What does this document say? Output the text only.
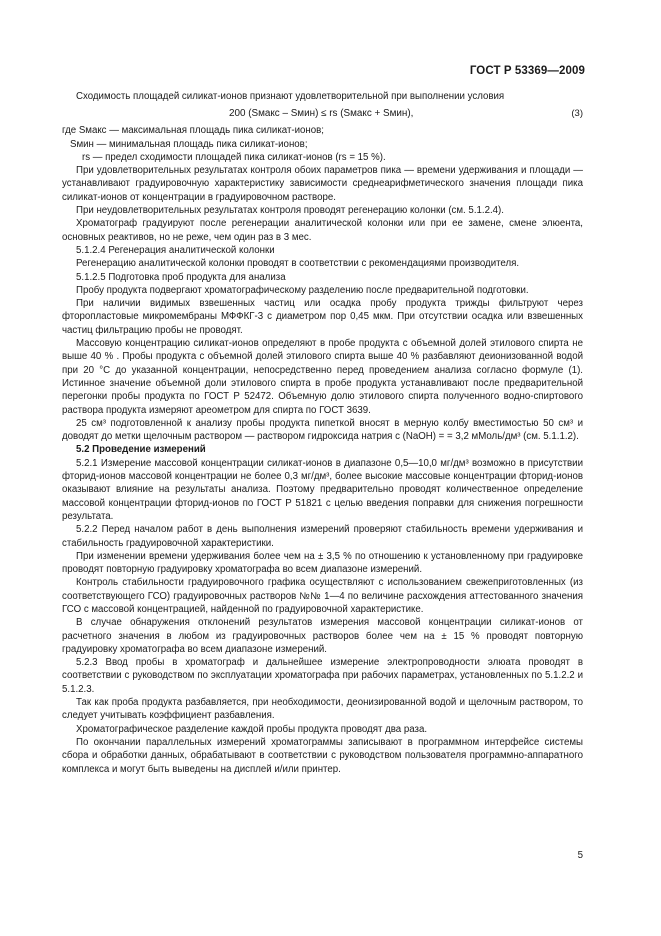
ГОСТ Р 53369—2009

Сходимость площадей силикат-ионов признают удовлетворительной при выполнении условия

200 (Sмакс – Sмин) ≤ rs (Sмакс + Sмин),	(3)

где Sмакс — максимальная площадь пика силикат-ионов;

Sмин — минимальная площадь пика силикат-ионов;

rs — предел сходимости площадей пика силикат-ионов (rs = 15 %).

При удовлетворительных результатах контроля обоих параметров пика — времени удерживания и площади — устанавливают градуировочную характеристику зависимости среднеарифметического значения площади пика силикат-ионов от концентрации в градуировочном растворе.

При неудовлетворительных результатах контроля проводят регенерацию колонки (см. 5.1.2.4).

Хроматограф градуируют после регенерации аналитической колонки или при ее замене, смене элюента, основных реактивов, но не реже, чем один раз в 3 мес.

5.1.2.4 Регенерация аналитической колонки

Регенерацию аналитической колонки проводят в соответствии с рекомендациями производителя.

5.1.2.5 Подготовка проб продукта для анализа

Пробу продукта подвергают хроматографическому разделению после предварительной подготовки.

При наличии видимых взвешенных частиц или осадка пробу продукта трижды фильтруют через фторопластовые микромембраны МФФКГ-3 с диаметром пор 0,45 мкм. При отсутствии осадка или взвешенных частиц фильтрацию пробы не проводят.

Массовую концентрацию силикат-ионов определяют в пробе продукта с объемной долей этилового спирта не выше 40 % . Пробы продукта с объемной долей этилового спирта выше 40 % разбавляют деионизованной водой при 20 °С до указанной концентрации, непосредственно перед проведением анализа согласно формуле (1). Истинное значение объемной доли этилового спирта в пробе продукта устанавливают после предварительной перегонки пробы продукта по ГОСТ Р 52472. Объемную долю этилового спирта полученного водно-спиртового раствора продукта измеряют ареометром для спирта по ГОСТ 3639.

25 см³ подготовленной к анализу пробы продукта пипеткой вносят в мерную колбу вместимостью 50 см³ и доводят до метки щелочным раствором — раствором гидроксида натрия c (NaOH) = = 3,2 мМоль/дм³ (см. 5.1.1.2).

5.2 Проведение измерений

5.2.1 Измерение массовой концентрации силикат-ионов в диапазоне 0,5—10,0 мг/дм³ возможно в присутствии фторид-ионов массовой концентрации не более 0,3 мг/дм³, более высокие массовые концентрации фторид-ионов оказывают влияние на результаты анализа. Поэтому предварительно проводят количественное определение массовой концентрации фторид-ионов по ГОСТ Р 51821 с целью введения поправки для снижения погрешности результата.

5.2.2 Перед началом работ в день выполнения измерений проверяют стабильность времени удерживания и стабильность градуировочной характеристики.

При изменении времени удерживания более чем на ± 3,5 % по отношению к установленному при градуировке проводят повторную градуировку хроматографа во всем диапазоне измерений.

Контроль стабильности градуировочного графика осуществляют с использованием свежеприготовленных (из соответствующего ГСО) градуировочных растворов №№ 1—4 по величине расхождения аттестованного значения ГСО с массовой концентрацией, найденной по градуировочной характеристике.

В случае обнаружения отклонений результатов измерения массовой концентрации силикат-ионов от расчетного значения в любом из градуировочных растворов более чем на ± 15 % проводят повторную градуировку хроматографа во всем диапазоне измерений.

5.2.3 Ввод пробы в хроматограф и дальнейшее измерение электропроводности элюата проводят в соответствии с руководством по эксплуатации хроматографа при рабочих параметрах, установленных по 5.1.2.2 и 5.1.2.3.

Так как проба продукта разбавляется, при необходимости, деонизированной водой и щелочным раствором, то следует учитывать коэффициент разбавления.

Хроматографическое разделение каждой пробы продукта проводят два раза.

По окончании параллельных измерений хроматограммы записывают в программном интерфейсе системы сбора и обработки данных, обрабатывают в соответствии с руководством пользователя программно-аппаратного комплекса и могут быть выведены на дисплей и/или принтер.

5
